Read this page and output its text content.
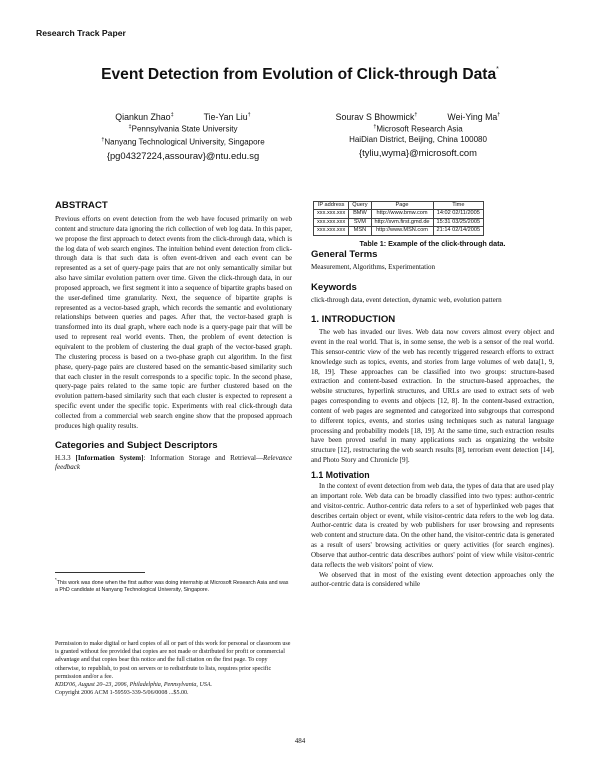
Research Track Paper
Event Detection from Evolution of Click-through Data*
Qiankun Zhao‡	Tie-Yan Liu†
‡Pennsylvania State University
†Nanyang Technological University, Singapore
{pg04327224,assourav}@ntu.edu.sg
Sourav S Bhowmick†	Wei-Ying Ma†
†Microsoft Research Asia
HaiDian District, Beijing, China 100080
{tyliu,wyma}@microsoft.com
ABSTRACT

Previous efforts on event detection from the web have focused primarily on web content and structure data ignoring the rich collection of web log data. In this paper, we propose the first approach to detect events from the click-through data, which is the log data of web search engines. The intuition behind event detection from click-through data is that such data is often event-driven and each event can be represented as a set of query-page pairs that are not only semantically similar but also have similar evolution pattern over time. Given the click-through data, in our proposed approach, we first segment it into a sequence of bipartite graphs based on the user-defined time granularity. Next, the sequence of bipartite graphs is represented as a vector-based graph, which records the semantic and evolutionary relationships between queries and pages. After that, the vector-based graph is transformed into its dual graph, where each node is a query-page pair that will be used to represent real world events. Then, the problem of event detection is equivalent to the problem of clustering the dual graph of the vector-based graph. The clustering process is based on a two-phase graph cut algorithm. In the first phase, query-page pairs are clustered based on the semantic-based similarity such that each cluster in the result corresponds to a specific topic. In the second phase, query-page pairs related to the same topic are further clustered based on the evolution pattern-based similarity such that each cluster is expected to represent a specific event under the specific topic. Experiments with real click-through data collected from a commercial web search engine show that the proposed approach produces high quality results.

Categories and Subject Descriptors

H.3.3 [Information System]: Information Storage and Retrieval—Relevance feedback

*This work was done when the first author was doing internship at Microsoft Research Asia and was a PhD candidate at Nanyang Technological University, Singapore.
Permission to make digital or hard copies of all or part of this work for personal or classroom use is granted without fee provided that copies are not made or distributed for profit or commercial advantage and that copies bear this notice and the full citation on the first page. To copy otherwise, to republish, to post on servers or to redistribute to lists, requires prior specific permission and/or a fee.
KDD'06, August 20–23, 2006, Philadelphia, Pennsylvania, USA.
Copyright 2006 ACM 1-59593-339-5/06/0008 ...$5.00.
IP address	Query	Page	Time
xxx.xxx.xxx	BMW	http://www.bmw.com	14:02 02/11/2005
xxx.xxx.xxx	SVM	http://svm.first.gmd.de	15:31 03/25/2005
xxx.xxx.xxx	MSN	http://www.MSN.com	21:14 02/14/2005
Table 1: Example of the click-through data.
General Terms

Measurement, Algorithms, Experimentation

Keywords

click-through data, event detection, dynamic web, evolution pattern

1. INTRODUCTION

The web has invaded our lives. Web data now covers almost every object and event in the real world. That is, in some sense, the web is a sensor of the real world. This sensor-centric view of the web has recently triggered research efforts to extract knowledge such as topics, events, and stories from large volumes of web data[1, 9, 18, 19]. These approaches can be classified into two groups: structure-based extraction and content-based extraction. In the structure-based approaches, the website structures, hyperlink structures, and URLs are used to extract sets of web pages corresponding to events and objects [12, 8]. In the content-based extraction, content of web pages are segmented and categorized into subgroups that correspond to different topics, events, and stories using techniques such as natural language processing and probability models [18, 19]. At the same time, such extraction results have been proved useful in many applications such as organizing the website structure [12], restructuring the web search results [8], terrorism event detection [14], and Photo Story and Chronicle [9].

1.1 Motivation

In the context of event detection from web data, the types of data that are used play an important role. Web data can be broadly classified into two types: author-centric and visitor-centric. Author-centric data refers to a set of hyperlinked web pages that describes certain object or event, while visitor-centric data refers to the web log data. Author-centric data is created by web publishers for user browsing and represents web content and structure data. On the other hand, the visitor-centric data is generated as a result of users' browsing activities or query activities (for search engines). Observe that author-centric data describes authors' point of view while visitor-centric data reflects the web visitors' point of view.

We observed that in most of the existing event detection approaches only the author-centric data is considered while

484
